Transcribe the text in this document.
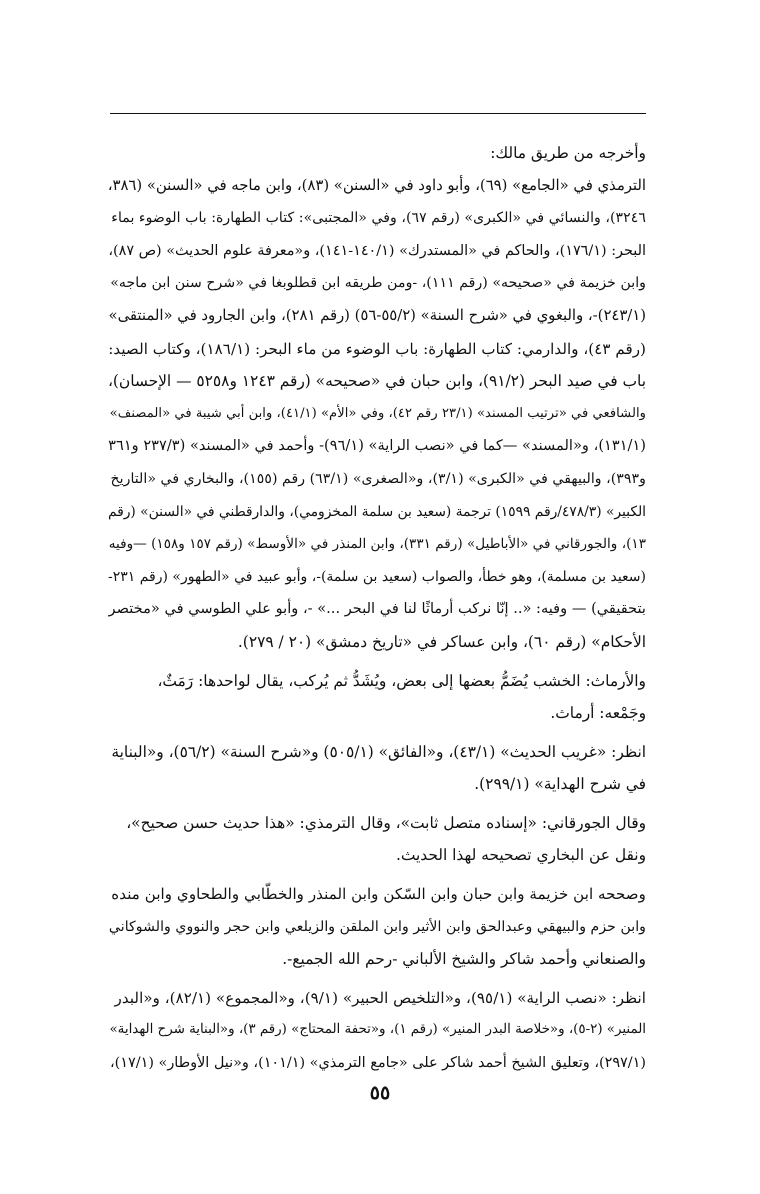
وأخرجه من طريق مالك:
الترمذي في «الجامع» (٦٩)، وأبو داود في «السنن» (٨٣)، وابن ماجه في «السنن» (٣٨٦،
٣٢٤٦)، والنسائي في «الكبرى» (رقم ٦٧)، وفي «المجتبى»: كتاب الطهارة: باب الوضوء بماء
البحر: (١٧٦/١)، والحاكم في «المستدرك» (١٤٠/١-١٤١)، و«معرفة علوم الحديث» (ص ٨٧)،
وابن خزيمة في «صحيحه» (رقم ١١١)، -ومن طريقه ابن قطلوبغا في «شرح سنن ابن ماجه»
(٢٤٣/١)-، والبغوي في «شرح السنة» (٥٥/٢-٥٦) (رقم ٢٨١)، وابن الجارود في «المنتقى»
(رقم ٤٣)، والدارمي: كتاب الطهارة: باب الوضوء من ماء البحر: (١٨٦/١)، وكتاب الصيد:
باب في صيد البحر (٩١/٢)، وابن حبان في «صحيحه» (رقم ١٢٤٣ و٥٢٥٨ — الإحسان)،
والشافعي في «ترتيب المسند» (٢٣/١ رقم ٤٢)، وفي «الأم» (٤١/١)، وابن أبي شيبة في «المصنف»
(١٣١/١)، و«المسند» —كما في «نصب الراية» (٩٦/١)- وأحمد في «المسند» (٢٣٧/٣ و٣٦١
و٣٩٣)، والبيهقي في «الكبرى» (٣/١)، و«الصغرى» (٦٣/١) رقم (١٥٥)، والبخاري في «التاريخ
الكبير» (٤٧٨/٣/رقم ١٥٩٩) ترجمة (سعيد بن سلمة المخزومي)، والدارقطني في «السنن» (رقم
١٣)، والجورقاني في «الأباطيل» (رقم ٣٣١)، وابن المنذر في «الأوسط» (رقم ١٥٧ و١٥٨) —وفيه
(سعيد بن مسلمة)، وهو خطأ، والصواب (سعيد بن سلمة)-، وأبو عبيد في «الطهور» (رقم ٢٣١-
بتحقيقي) — وفيه: «.. إنّا نركب أرماثًا لنا في البحر ...» -، وأبو علي الطوسي في «مختصر
الأحكام» (رقم ٦٠)، وابن عساكر في «تاريخ دمشق» (٢٠ / ٢٧٩).
والأرماث: الخشب يُضَمُّ بعضها إلى بعض، ويُشَدُّ ثم يُركب، يقال لواحدها: رَمَثٌ،
وجَمْعه: أرماث.
انظر: «غريب الحديث» (٤٣/١)، و«الفائق» (٥٠٥/١) و«شرح السنة» (٥٦/٢)، و«البناية
في شرح الهداية» (٢٩٩/١).
وقال الجورقاني: «إسناده متصل ثابت»، وقال الترمذي: «هذا حديث حسن صحيح»،
ونقل عن البخاري تصحيحه لهذا الحديث.
وصححه ابن خزيمة وابن حبان وابن السّكن وابن المنذر والخطّابي والطحاوي وابن منده
وابن حزم والبيهقي وعبدالحق وابن الأثير وابن الملقن والزيلعي وابن حجر والنووي والشوكاني
والصنعاني وأحمد شاكر والشيخ الألباني -رحم الله الجميع-.
انظر: «نصب الراية» (٩٥/١)، و«التلخيص الحبير» (٩/١)، و«المجموع» (٨٢/١)، و«البدر
المنير» (٢-٥)، و«خلاصة البدر المنير» (رقم ١)، و«تحفة المحتاج» (رقم ٣)، و«البناية شرح الهداية»
(٢٩٧/١)، وتعليق الشيخ أحمد شاكر على «جامع الترمذي» (١٠١/١)، و«نيل الأوطار» (١٧/١)،
٥٥
